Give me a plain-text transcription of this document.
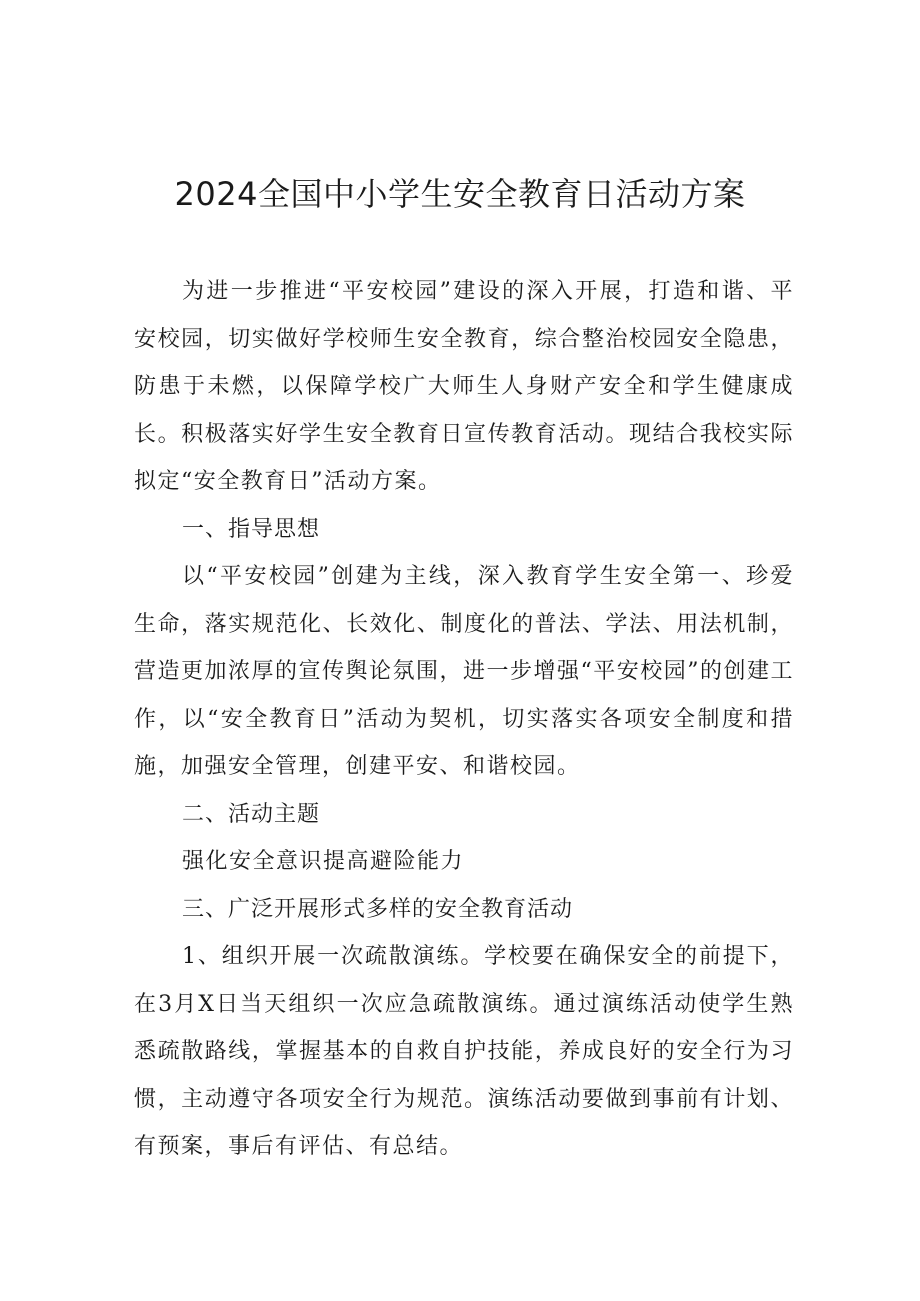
2024全国中小学生安全教育日活动方案

为进一步推进“平安校园”建设的深入开展，打造和谐、平安校园，切实做好学校师生安全教育，综合整治校园安全隐患，防患于未燃，以保障学校广大师生人身财产安全和学生健康成长。积极落实好学生安全教育日宣传教育活动。现结合我校实际拟定“安全教育日”活动方案。

一、指导思想

以“平安校园”创建为主线，深入教育学生安全第一、珍爱生命，落实规范化、长效化、制度化的普法、学法、用法机制，营造更加浓厚的宣传舆论氛围，进一步增强“平安校园”的创建工作，以“安全教育日”活动为契机，切实落实各项安全制度和措施，加强安全管理，创建平安、和谐校园。

二、活动主题

强化安全意识提高避险能力

三、广泛开展形式多样的安全教育活动

1、组织开展一次疏散演练。学校要在确保安全的前提下，在3月X日当天组织一次应急疏散演练。通过演练活动使学生熟悉疏散路线，掌握基本的自救自护技能，养成良好的安全行为习惯，主动遵守各项安全行为规范。演练活动要做到事前有计划、有预案，事后有评估、有总结。
